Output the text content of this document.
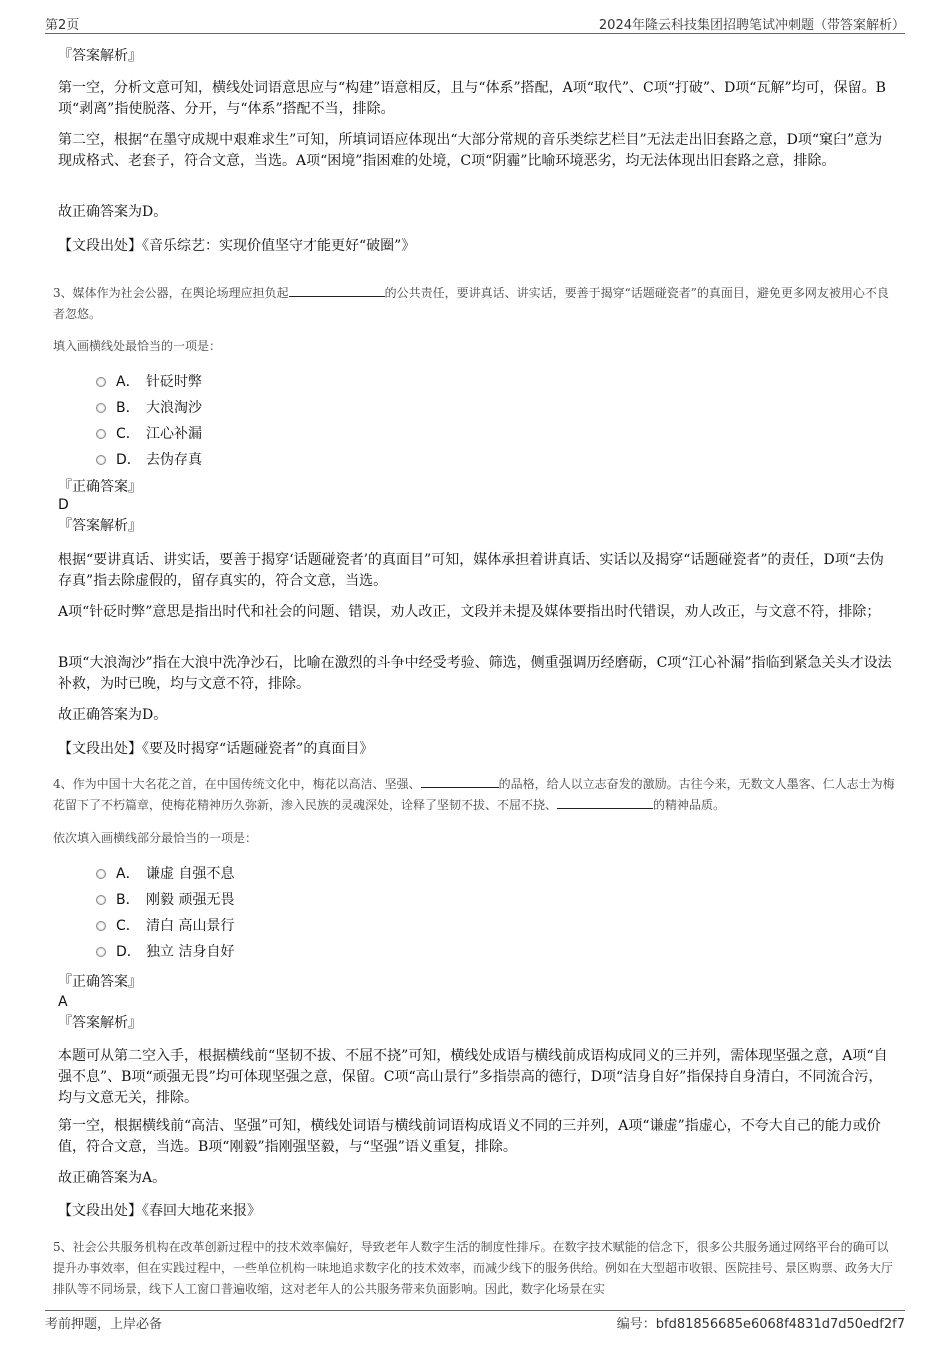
第2页	2024年隆云科技集团招聘笔试冲刺题（带答案解析）

『答案解析』

第一空，分析文意可知，横线处词语意思应与“构建”语意相反，且与“体系”搭配，A项“取代”、C项“打破”、D项“瓦解”均可，保留。B项“剥离”指使脱落、分开，与“体系”搭配不当，排除。

第二空，根据“在墨守成规中艰难求生”可知，所填词语应体现出“大部分常规的音乐类综艺栏目”无法走出旧套路之意，D项“窠臼”意为现成格式、老套子，符合文意，当选。A项“困境”指困难的处境，C项“阴霾”比喻环境恶劣，均无法体现出旧套路之意，排除。

故正确答案为D。

【文段出处】《音乐综艺：实现价值坚守才能更好“破圈”》

3、媒体作为社会公器，在舆论场理应担负起	的公共责任，要讲真话、讲实话，要善于揭穿“话题碰瓷者”的真面目，避免更多网友被用心不良者忽悠。

填入画横线处最恰当的一项是：

A． 针砭时弊
B． 大浪淘沙
C． 江心补漏
D． 去伪存真

『正确答案』

D

『答案解析』

根据“要讲真话、讲实话，要善于揭穿‘话题碰瓷者’的真面目”可知，媒体承担着讲真话、实话以及揭穿“话题碰瓷者”的责任，D项“去伪存真”指去除虚假的，留存真实的，符合文意，当选。

A项“针砭时弊”意思是指出时代和社会的问题、错误，劝人改正，文段并未提及媒体要指出时代错误，劝人改正，与文意不符，排除；

B项“大浪淘沙”指在大浪中洗净沙石，比喻在激烈的斗争中经受考验、筛选，侧重强调历经磨砺，C项“江心补漏”指临到紧急关头才设法补救，为时已晚，均与文意不符，排除。

故正确答案为D。

【文段出处】《要及时揭穿“话题碰瓷者”的真面目》

4、作为中国十大名花之首，在中国传统文化中，梅花以高洁、坚强、	的品格，给人以立志奋发的激励。古往今来，无数文人墨客、仁人志士为梅花留下了不朽篇章，使梅花精神历久弥新，渗入民族的灵魂深处，诠释了坚韧不拔、不屈不挠、	的精神品质。

依次填入画横线部分最恰当的一项是：

A． 谦虚 自强不息
B． 刚毅 顽强无畏
C． 清白 高山景行
D． 独立 洁身自好

『正确答案』

A

『答案解析』

本题可从第二空入手，根据横线前“坚韧不拔、不屈不挠”可知，横线处成语与横线前成语构成同义的三并列，需体现坚强之意，A项“自强不息”、B项“顽强无畏”均可体现坚强之意，保留。C项“高山景行”多指崇高的德行，D项“洁身自好”指保持自身清白，不同流合污，均与文意无关，排除。

第一空，根据横线前“高洁、坚强”可知，横线处词语与横线前词语构成语义不同的三并列，A项“谦虚”指虚心，不夸大自己的能力或价值，符合文意，当选。B项“刚毅”指刚强坚毅，与“坚强”语义重复，排除。

故正确答案为A。

【文段出处】《春回大地花来报》

5、社会公共服务机构在改革创新过程中的技术效率偏好，导致老年人数字生活的制度性排斥。在数字技术赋能的信念下，很多公共服务通过网络平台的确可以提升办事效率，但在实践过程中，一些单位机构一味地追求数字化的技术效率，而减少线下的服务供给。例如在大型超市收银、医院挂号、景区购票、政务大厅排队等不同场景，线下人工窗口普遍收缩，这对老年人的公共服务带来负面影响。因此，数字化场景在实

考前押题，上岸必备	编号：bfd81856685e6068f4831d7d50edf2f7
